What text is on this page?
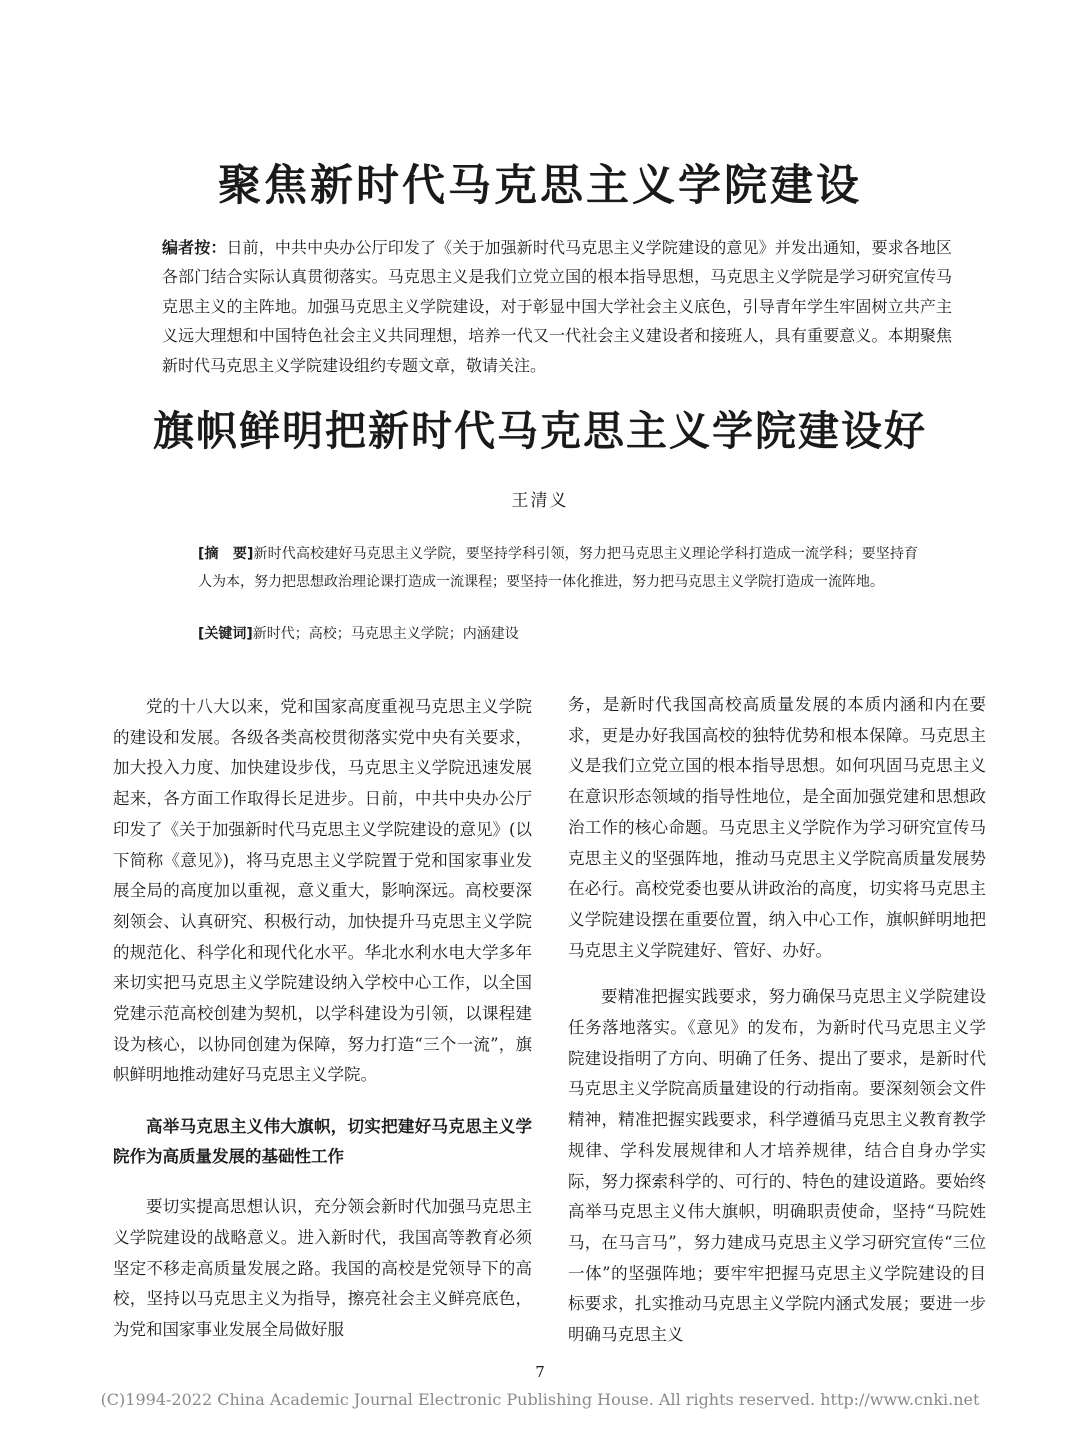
聚焦新时代马克思主义学院建设
编者按：日前，中共中央办公厅印发了《关于加强新时代马克思主义学院建设的意见》并发出通知，要求各地区各部门结合实际认真贯彻落实。马克思主义是我们立党立国的根本指导思想，马克思主义学院是学习研究宣传马克思主义的主阵地。加强马克思主义学院建设，对于彰显中国大学社会主义底色，引导青年学生牢固树立共产主义远大理想和中国特色社会主义共同理想，培养一代又一代社会主义建设者和接班人，具有重要意义。本期聚焦新时代马克思主义学院建设组约专题文章，敬请关注。
旗帜鲜明把新时代马克思主义学院建设好
王清义
[摘　要]新时代高校建好马克思主义学院，要坚持学科引领，努力把马克思主义理论学科打造成一流学科；要坚持育人为本，努力把思想政治理论课打造成一流课程；要坚持一体化推进，努力把马克思主义学院打造成一流阵地。
[关键词]新时代；高校；马克思主义学院；内涵建设

党的十八大以来，党和国家高度重视马克思主义学院的建设和发展。各级各类高校贯彻落实党中央有关要求，加大投入力度、加快建设步伐，马克思主义学院迅速发展起来，各方面工作取得长足进步。日前，中共中央办公厅印发了《关于加强新时代马克思主义学院建设的意见》(以下简称《意见》)，将马克思主义学院置于党和国家事业发展全局的高度加以重视，意义重大，影响深远。高校要深刻领会、认真研究、积极行动，加快提升马克思主义学院的规范化、科学化和现代化水平。华北水利水电大学多年来切实把马克思主义学院建设纳入学校中心工作，以全国党建示范高校创建为契机，以学科建设为引领，以课程建设为核心，以协同创建为保障，努力打造“三个一流”，旗帜鲜明地推动建好马克思主义学院。

高举马克思主义伟大旗帜，切实把建好马克思主义学院作为高质量发展的基础性工作

要切实提高思想认识，充分领会新时代加强马克思主义学院建设的战略意义。进入新时代，我国高等教育必须坚定不移走高质量发展之路。我国的高校是党领导下的高校，坚持以马克思主义为指导，擦亮社会主义鲜亮底色，为党和国家事业发展全局做好服

务，是新时代我国高校高质量发展的本质内涵和内在要求，更是办好我国高校的独特优势和根本保障。马克思主义是我们立党立国的根本指导思想。如何巩固马克思主义在意识形态领域的指导性地位，是全面加强党建和思想政治工作的核心命题。马克思主义学院作为学习研究宣传马克思主义的坚强阵地，推动马克思主义学院高质量发展势在必行。高校党委也要从讲政治的高度，切实将马克思主义学院建设摆在重要位置，纳入中心工作，旗帜鲜明地把马克思主义学院建好、管好、办好。

要精准把握实践要求，努力确保马克思主义学院建设任务落地落实。《意见》的发布，为新时代马克思主义学院建设指明了方向、明确了任务、提出了要求，是新时代马克思主义学院高质量建设的行动指南。要深刻领会文件精神，精准把握实践要求，科学遵循马克思主义教育教学规律、学科发展规律和人才培养规律，结合自身办学实际，努力探索科学的、可行的、特色的建设道路。要始终高举马克思主义伟大旗帜，明确职责使命，坚持“马院姓马，在马言马”，努力建成马克思主义学习研究宣传“三位一体”的坚强阵地；要牢牢把握马克思主义学院建设的目标要求，扎实推动马克思主义学院内涵式发展；要进一步明确马克思主义

7
(C)1994-2022 China Academic Journal Electronic Publishing House. All rights reserved. http://www.cnki.net
